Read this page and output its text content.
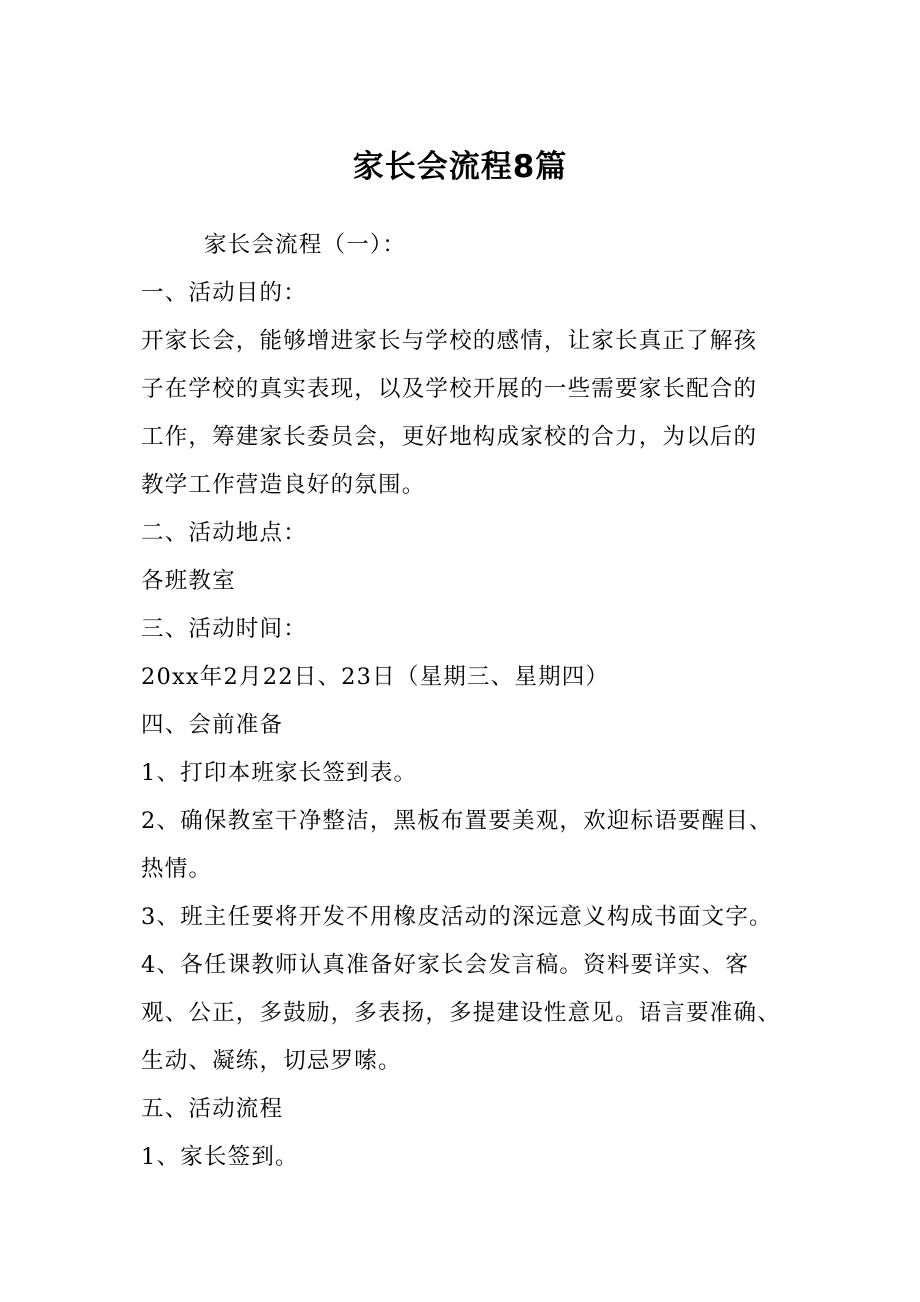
家长会流程8篇

家长会流程（一）：

一、活动目的：

开家长会，能够增进家长与学校的感情，让家长真正了解孩

子在学校的真实表现，以及学校开展的一些需要家长配合的

工作，筹建家长委员会，更好地构成家校的合力，为以后的

教学工作营造良好的氛围。

二、活动地点：

各班教室

三、活动时间：

20xx年2月22日、23日（星期三、星期四）

四、会前准备

1、打印本班家长签到表。

2、确保教室干净整洁，黑板布置要美观，欢迎标语要醒目、

热情。

3、班主任要将开发不用橡皮活动的深远意义构成书面文字。

4、各任课教师认真准备好家长会发言稿。资料要详实、客

观、公正，多鼓励，多表扬，多提建设性意见。语言要准确、

生动、凝练，切忌罗嗦。

五、活动流程

1、家长签到。
